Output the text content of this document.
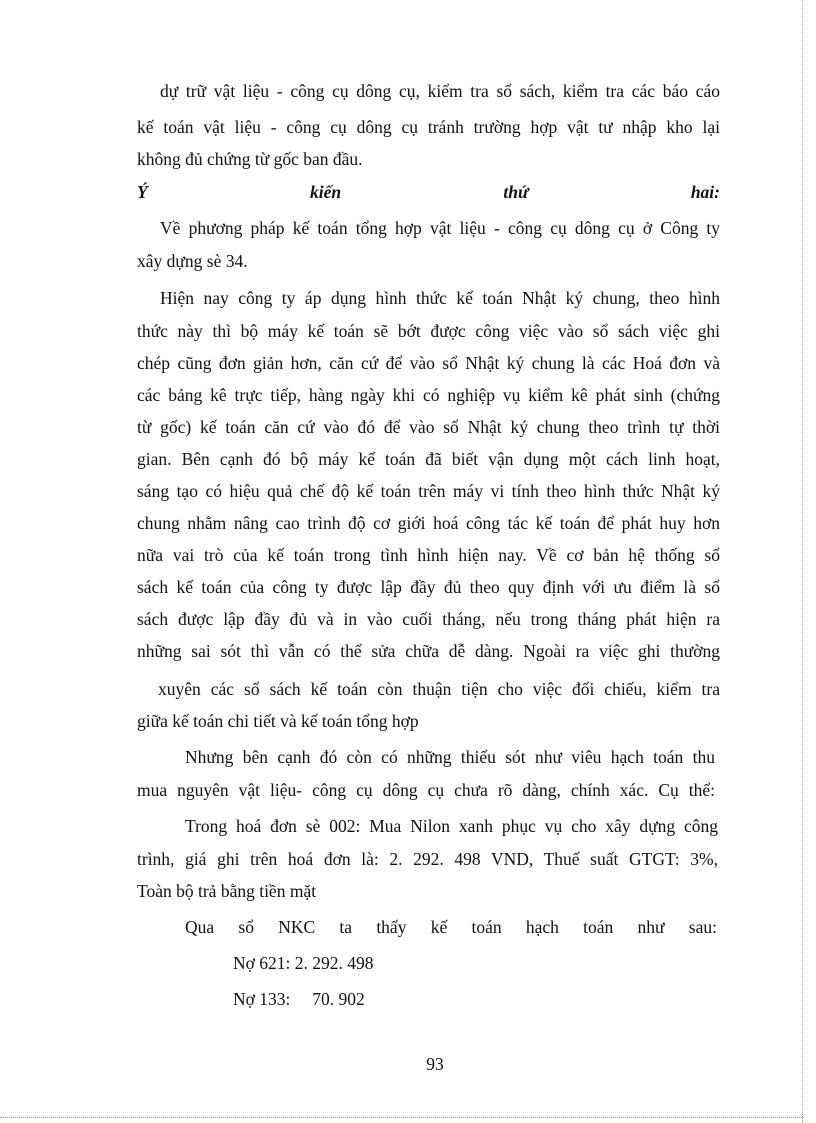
dự trữ vật liệu - công cụ dông cụ, kiểm tra sổ sách, kiểm tra các báo cáo
kế toán vật liệu - công cụ dông cụ tránh trường hợp vật tư nhập kho lại
không đủ chứng từ gốc ban đầu.
Ý kiến thứ hai:
Về phương pháp kế toán tổng hợp vật liệu - công cụ dông cụ ở Công ty
xây dựng sè 34.
Hiện nay công ty áp dụng hình thức kế toán Nhật ký chung, theo hình
thức này thì bộ máy kế toán sẽ bớt được công việc vào sổ sách việc ghi
chép cũng đơn giản hơn, căn cứ để vào sổ Nhật ký chung là các Hoá đơn và
các bảng kê trực tiếp, hàng ngày khi có nghiệp vụ kiểm kê phát sinh (chứng
từ gốc) kế toán căn cứ vào đó để vào sổ Nhật ký chung theo trình tự thời
gian. Bên cạnh đó bộ máy kế toán đã biết vận dụng một cách linh hoạt,
sáng tạo có hiệu quả chế độ kế toán trên máy vi tính theo hình thức Nhật ký
chung nhằm nâng cao trình độ cơ giới hoá công tác kế toán để phát huy hơn
nữa vai trò của kế toán trong tình hình hiện nay. Về cơ bản hệ thống sổ
sách kế toán của công ty được lập đầy đủ theo quy định với ưu điểm là sổ
sách được lập đầy đủ và in vào cuối tháng, nếu trong tháng phát hiện ra
những sai sót thì vẫn có thể sửa chữa dễ dàng. Ngoài ra việc ghi thường
xuyên các sổ sách kế toán còn thuận tiện cho việc đối chiếu, kiểm tra
giữa kế toán chi tiết và kế toán tổng hợp
Nhưng bên cạnh đó còn có những thiếu sót như viêu hạch toán thu
mua nguyên vật liệu- công cụ dông cụ chưa rõ dàng, chính xác. Cụ thể:
Trong hoá đơn sè 002: Mua Nilon xanh phục vụ cho xây dựng công
trình, giá ghi trên hoá đơn là: 2. 292. 498 VND, Thuế suất GTGT: 3%,
Toàn bộ trả bằng tiền mặt
Qua sổ NKC ta thấy kế toán hạch toán như sau:
Nợ 621: 2. 292. 498
Nợ 133:     70. 902
93
